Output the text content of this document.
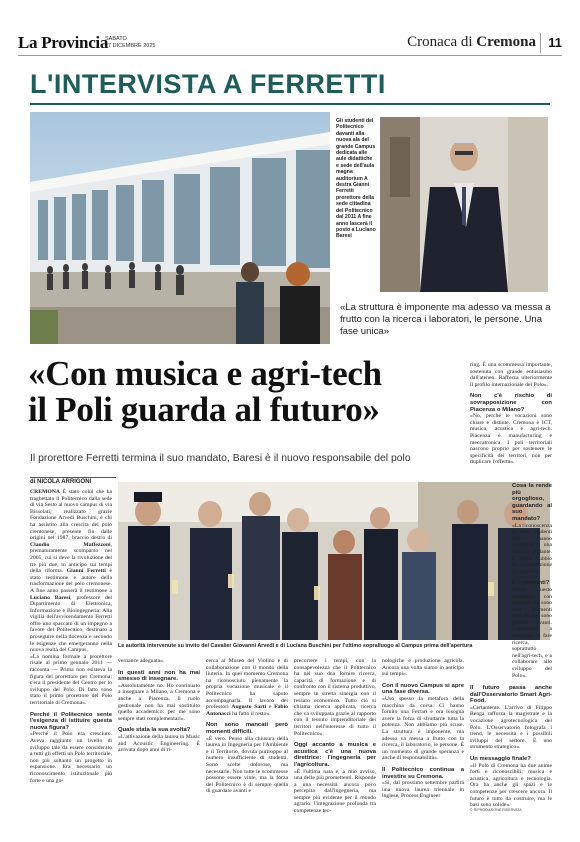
La Provincia
SABATO
27 DICEMBRE 2025	Cronaca di Cremona 11
L'INTERVISTA A FERRETTI
Gli studenti del Politecnico davanti alla nuova ala del grande Campus dedicata alle aule didattiche e sede dell'aula magna auditorium A destra Gianni Ferretti prorettore della sede cittadina del Politecnico dal 2011 A fine anno lascerà il posto a Luciano Baresi
«La struttura è imponente ma adesso va messa a frutto con la ricerca i laboratori, le persone. Una fase unica»
«Con musica e agri-tech
il Poli guarda al futuro»
Il prorettore Ferretti termina il suo mandato, Baresi è il nuovo responsabile del polo
di NICOLA ARRIGONI

CREMONA È stato colui che ha traghettato il Politecnico dalla sede di via Sesto al nuovo campus di via Bissolati, realizzato grazie Fondazione Arvedi Buschini, è chi ha assistito alla crescita del polo cremonese, presente fin dalle origini nel 1987, braccio destro di Claudio Maffezzoni, prematuramente scomparso nel 2005, cui si deve la rivoluzione del tre più due, in anticipo sui tempi della riforma. Gianni Ferretti è stato testimone e autore della trasformazione del polo cremonese. A fine anno passerà il testimone a Luciano Baresi, professore del Dipartimento di Elettronica, Informazione e Bioingegneria. Alla vigilia dell'avvicendamento Ferretti offre uno spaccato di un impegno a favore del Politecnico, destinato a proseguire nella docenza e secondo le esigenze che emergeranno nella nuova realtà del Campus.

«La nomina formale a prorettore risale al primo gennaio 2011 — racconta — Prima non esisteva la figura del prorettore per Cremona: c'era il presidente del Centro per lo sviluppo del Polo. Di fatto sono stato il primo prorettore del Polo territoriale di Cremona».

Perché il Politecnico sente l'esigenza di istituire questa nuova figura?

«Perché il Polo era cresciuto. Aveva raggiunto un livello di sviluppo tale da essere considerato a tutti gli effetti un Polo territoriale, non più soltanto un progetto in espansione. Era necessario un riconoscimento istituzionale più forte e una go-

Le autorità intervenute su invito del Cavalier Giovanni Arvedi e di Luciana Buschini per l'ultimo sopralluogo al Campus prima dell'apertura

vernance adeguata».

In questi anni non ha mai smesso di insegnare.

«Assolutamente no. Ho continuato a insegnare a Milano, a Cremona e anche a Piacenza. Il ruolo gestionale non ha mai sostituito quello accademico: per me sono sempre stati complementari».

Quale stata la sua svolta?

«L'attivazione della laurea in Music and Acoustic Engineering. È arrivata dopo anni di ri-

cerca al Museo del Violino e di collaborazione con il mondo della liuteria. In quel momento Cremona ha riconosciuto pienamente la propria vocazione musicale e il Politecnico ha saputo accompagnarla. Il lavoro dei professori Augusto Sarti e Fabio Antonacci ha fatto il resto».

Non sono mancati però momenti difficili.

«È vero. Penso alla chiusura della laurea in Ingegneria per l'Ambiente e il Territorio, dovuta purtroppo al numero insufficiente di studenti. Sono scelte dolorose, ma necessarie. Non tutte le scommesse possono essere vinte, ma la forza del Politecnico è di sempre quella di guardare avanti e

precorrere i tempi, con la consapevolezza che il Politecnico ha nel suo dna fornire ricerca, capacità di formazione e di confronto con il sistema produttivo, sempre in stretta sinergia con il tessuto economico. Tutto ciò si chiama ricerca applicata, ricerca che va sviluppata grazie al rapporto con il tessuto imprenditoriale dei territori nell'interesse di tutto il Politecnico».

Oggi accanto a musica e acustica c'è una nuova direttrice: l'ingegneria per l'agricoltura.

«È l'ultima nata e, a mio avviso, una delle più promettenti. Risponde a una necessità ancora poco percepita dall'ingegneria, ma sempre più evidente per il mondo agrario: l'integrazione profonda tra competenze tec-

nologiche e produzione agricola. Ancora una volta siamo in anticipo sui tempi».

Con il nuovo Campus si apre una fase diversa.

«Uso spesso la metafora della macchina da corsa. Ci hanno fornito una Ferrari e ora bisogna avere la forza di sfruttarne tutta la potenza. Non abbiamo più scuse. La struttura è imponente, ma adesso va messa a frutto con la ricerca, il laboratorio, le persone. È un momento di grande speranza e anche di responsabilità».

Il Politecnico continua a investire su Cremona.

«Sì, dal prossimo settembre partirà una nuova laurea triennale in inglese, Process Engineer

ring. È una scommessa importante, sostenuta con grande entusiasmo dall'ateneo. Rafforza ulteriormente il profilo internazionale del Polo».

Non c'è rischio di sovrapposizione con Piacenza o Milano?

«No, perché le vocazioni sono chiare e distinte. Cremona è ICT, musica, acustica e agri-tech. Piacenza è manufacturing e meccatronica. I poli territoriali nascono proprio per sostenere le specificità dei territori, non per duplicare l'offerta».

Cosa la rende più orgoglioso, guardando al suo mandato?

«La riconoscenza di tanti studenti che hanno intrapreso una carriera brillante. È senza dubbio la soddisfazione più grande».

E i rimpianti?

«Vivo questo passaggio con serenità. Ci sono stati momenti difficili, ma sono guardo avanti. Continuerò a insegnare, a fare ricerca, soprattutto nell'agri-tech, e a collaborare allo sviluppo del Polo».

Il futuro passa anche dall'Osservatorio Smart Agri-Food.

«Certamente. L'arrivo di Filippo Renga rafforza la magistrale e la vocazione agrotecnologica del Polo. L'Osservatorio fotografa i trend, le necessità e i possibili sviluppi del settore. È uno strumento strategico».

Un messaggio finale?

«Il Polo di Cremona ha due anime forti e riconoscibili: musica e acustica, agricoltura e tecnologia. Ora ha anche gli spazi e le competenze per crescere ancora. Il futuro è tutto da costruire, ma le basi sono solide».

© RIPRODUZIONE RISERVATA
